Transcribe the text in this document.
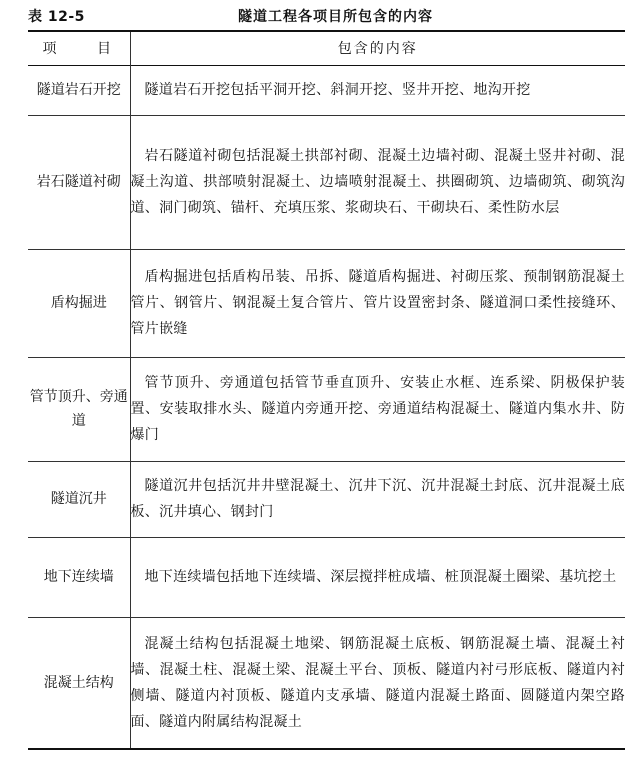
表 12-5	隧道工程各项目所包含的内容
项 目	包含的内容
隧道岩石开挖	隧道岩石开挖包括平洞开挖、斜洞开挖、竖井开挖、地沟开挖
岩石隧道衬砌	岩石隧道衬砌包括混凝土拱部衬砌、混凝土边墙衬砌、混凝土竖井衬砌、混凝土沟道、拱部喷射混凝土、边墙喷射混凝土、拱圈砌筑、边墙砌筑、砌筑沟道、洞门砌筑、锚杆、充填压浆、浆砌块石、干砌块石、柔性防水层
盾构掘进	盾构掘进包括盾构吊装、吊拆、隧道盾构掘进、衬砌压浆、预制钢筋混凝土管片、钢管片、钢混凝土复合管片、管片设置密封条、隧道洞口柔性接缝环、管片嵌缝
管节顶升、旁通道	管节顶升、旁通道包括管节垂直顶升、安装止水框、连系梁、阴极保护装置、安装取排水头、隧道内旁通开挖、旁通道结构混凝土、隧道内集水井、防爆门
隧道沉井	隧道沉井包括沉井井壁混凝土、沉井下沉、沉井混凝土封底、沉井混凝土底板、沉井填心、钢封门
地下连续墙	地下连续墙包括地下连续墙、深层搅拌桩成墙、桩顶混凝土圈梁、基坑挖土
混凝土结构	混凝土结构包括混凝土地梁、钢筋混凝土底板、钢筋混凝土墙、混凝土衬墙、混凝土柱、混凝土梁、混凝土平台、顶板、隧道内衬弓形底板、隧道内衬侧墙、隧道内衬顶板、隧道内支承墙、隧道内混凝土路面、圆隧道内架空路面、隧道内附属结构混凝土
